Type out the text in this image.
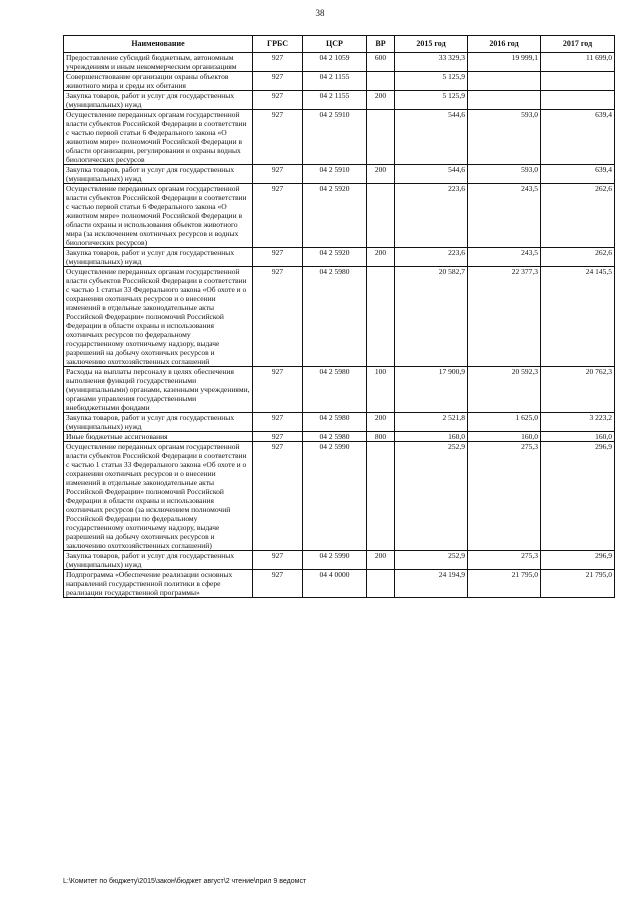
38
Наименование	ГРБС	ЦСР	ВР	2015 год	2016 год	2017 год
Предоставление субсидий бюджетным, автономным учреждениям и иным некоммерческим организациям	927	04 2 1059	600	33 329,3	19 999,1	11 699,0
Совершенствование организации охраны объектов животного мира и среды их обитания	927	04 2 1155		5 125,9		
Закупка товаров, работ и услуг для государственных (муниципальных) нужд	927	04 2 1155	200	5 125,9		
Осуществление переданных органам государственной власти субъектов Российской Федерации в соответствии с частью первой статьи 6 Федерального закона «О животном мире» полномочий Российской Федерации в области организации, регулирования и охраны водных биологических ресурсов	927	04 2 5910		544,6	593,0	639,4
Закупка товаров, работ и услуг для государственных (муниципальных) нужд	927	04 2 5910	200	544,6	593,0	639,4
Осуществление переданных органам государственной власти субъектов Российской Федерации в соответствии с частью первой статьи 6 Федерального закона «О животном мире» полномочий Российской Федерации в области охраны и использования объектов животного мира (за исключением охотничьих ресурсов и водных биологических ресурсов)	927	04 2 5920		223,6	243,5	262,6
Закупка товаров, работ и услуг для государственных (муниципальных) нужд	927	04 2 5920	200	223,6	243,5	262,6
Осуществление переданных органам государственной власти субъектов Российской Федерации в соответствии с частью 1 статьи 33 Федерального закона «Об охоте и о сохранении охотничьих ресурсов и о внесении изменений в отдельные законодательные акты Российской Федерации» полномочий Российской Федерации в области охраны и использования охотничьих ресурсов по федеральному государственному охотничьему надзору, выдаче разрешений на добычу охотничьих ресурсов и заключению охотхозяйственных соглашений	927	04 2 5980		20 582,7	22 377,3	24 145,5
Расходы на выплаты персоналу в целях обеспечения выполнения функций государственными (муниципальными) органами, казенными учреждениями, органами управления государственными внебюджетными фондами	927	04 2 5980	100	17 900,9	20 592,3	20 762,3
Закупка товаров, работ и услуг для государственных (муниципальных) нужд	927	04 2 5980	200	2 521,8	1 625,0	3 223,2
Иные бюджетные ассигнования	927	04 2 5980	800	160,0	160,0	160,0
Осуществление переданных органам государственной власти субъектов Российской Федерации в соответствии с частью 1 статьи 33 Федерального закона «Об охоте и о сохранении охотничьих ресурсов и о внесении изменений в отдельные законодательные акты Российской Федерации» полномочий Российской Федерации в области охраны и использования охотничьих ресурсов (за исключением полномочий Российской Федерации по федеральному государственному охотничьему надзору, выдаче разрешений на добычу охотничьих ресурсов и заключению охотхозяйственных соглашений)	927	04 2 5990		252,9	275,3	296,9
Закупка товаров, работ и услуг для государственных (муниципальных) нужд	927	04 2 5990	200	252,9	275,3	296,9
Подпрограмма «Обеспечение реализации основных направлений государственной политики в сфере реализации государственной программы»	927	04 4 0000		24 194,9	21 795,0	21 795,0
L:\Комитет по бюджету\2015\закон\бюджет август\2 чтение\прил 9 ведомст
